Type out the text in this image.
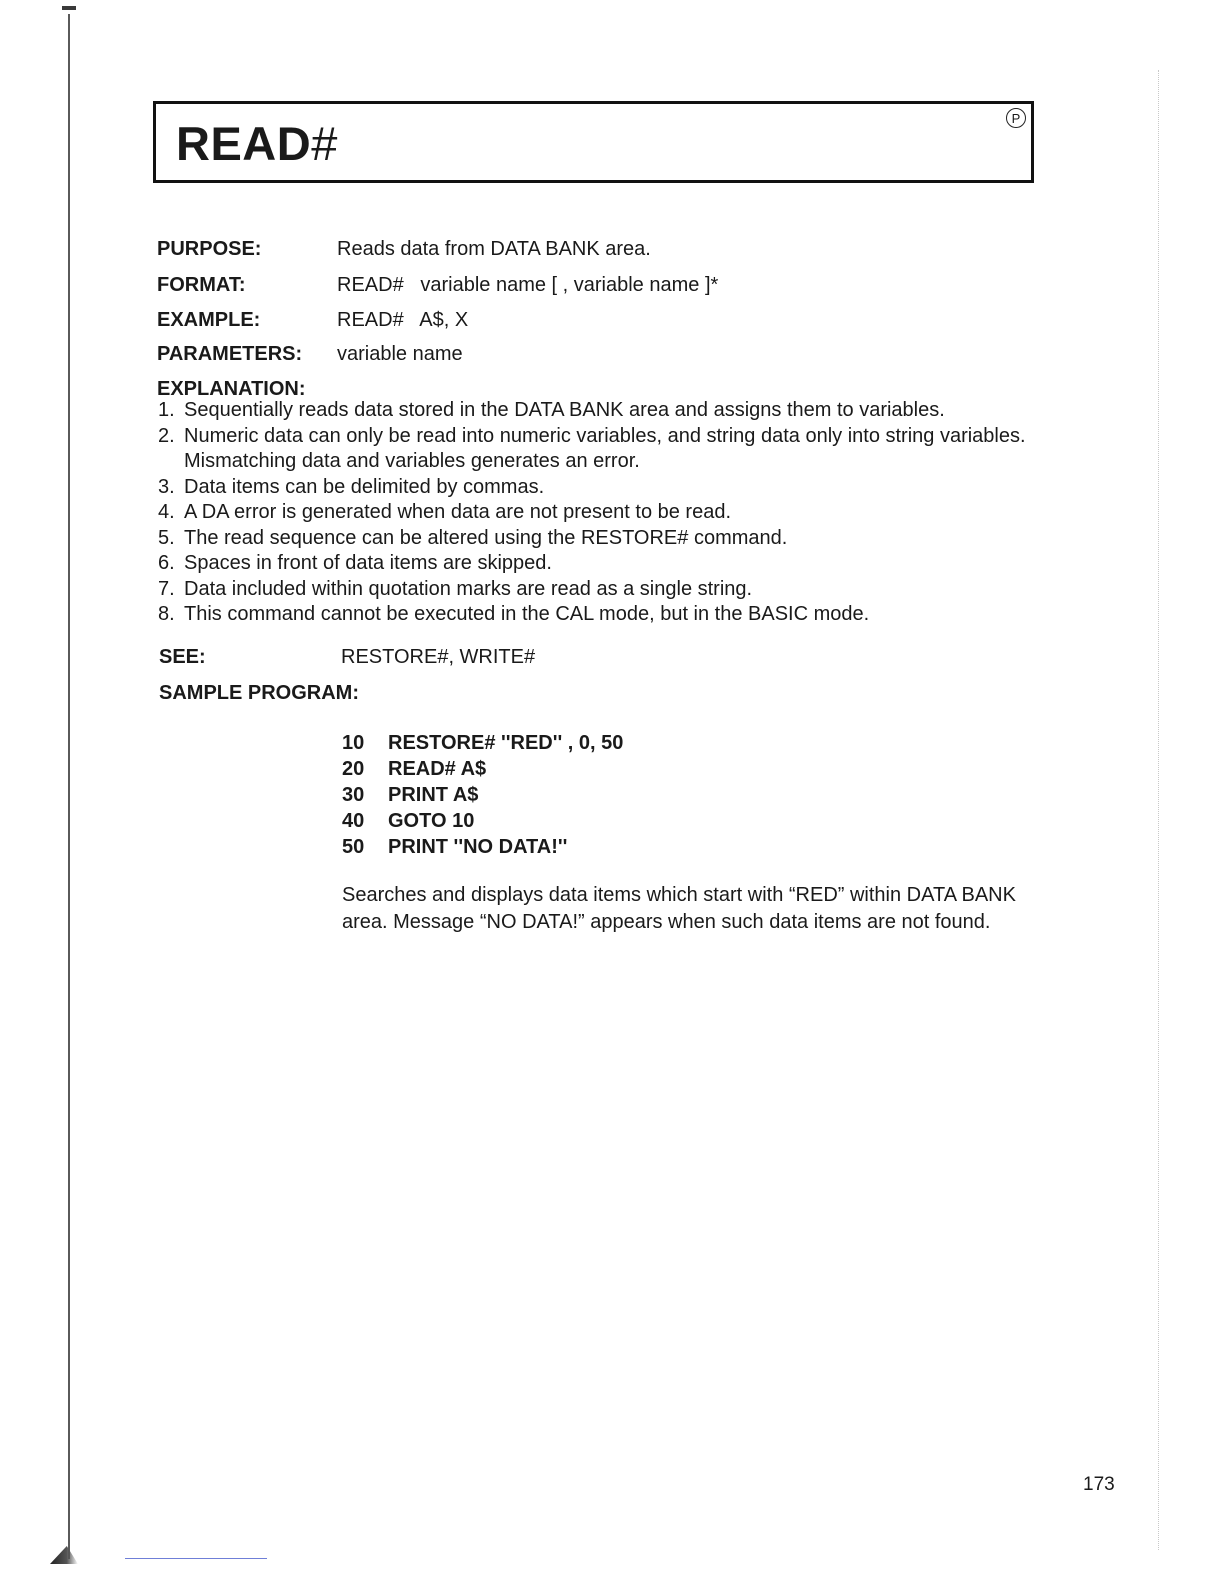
READ#	P
PURPOSE:	Reads data from DATA BANK area.
FORMAT:	READ#   variable name [ , variable name ]*
EXAMPLE:	READ#   A$, X
PARAMETERS: variable name
EXPLANATION:
1. Sequentially reads data stored in the DATA BANK area and assigns them to variables.
2. Numeric data can only be read into numeric variables, and string data only into string variables. Mismatching data and variables generates an error.
3. Data items can be delimited by commas.
4. A DA error is generated when data are not present to be read.
5. The read sequence can be altered using the RESTORE# command.
6. Spaces in front of data items are skipped.
7. Data included within quotation marks are read as a single string.
8. This command cannot be executed in the CAL mode, but in the BASIC mode.
SEE:	RESTORE#, WRITE#
SAMPLE PROGRAM:
10 RESTORE# ''RED'' , 0, 50
20 READ# A$
30 PRINT A$
40 GOTO 10
50 PRINT ''NO DATA!''
Searches and displays data items which start with “RED” within DATA BANK area. Message “NO DATA!” appears when such data items are not found.
173
